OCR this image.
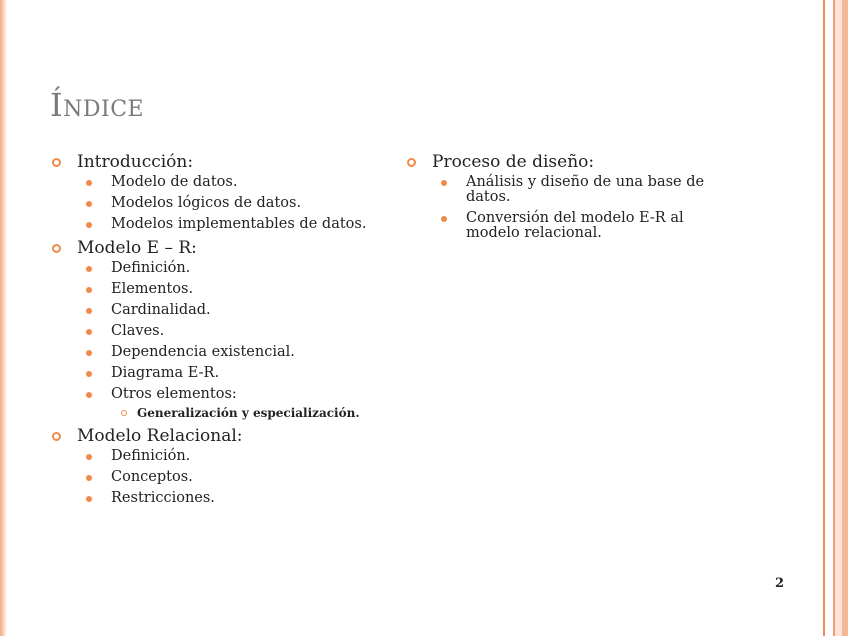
Índice
Introducción:
Modelo de datos.
Modelos lógicos de datos.
Modelos implementables de datos.
Modelo E – R:
Definición.
Elementos.
Cardinalidad.
Claves.
Dependencia existencial.
Diagrama E-R.
Otros elementos:
Generalización y especialización.
Modelo Relacional:
Definición.
Conceptos.
Restricciones.
Proceso de diseño:
Análisis y diseño de una base de datos.
Conversión del modelo E-R al modelo relacional.
2
